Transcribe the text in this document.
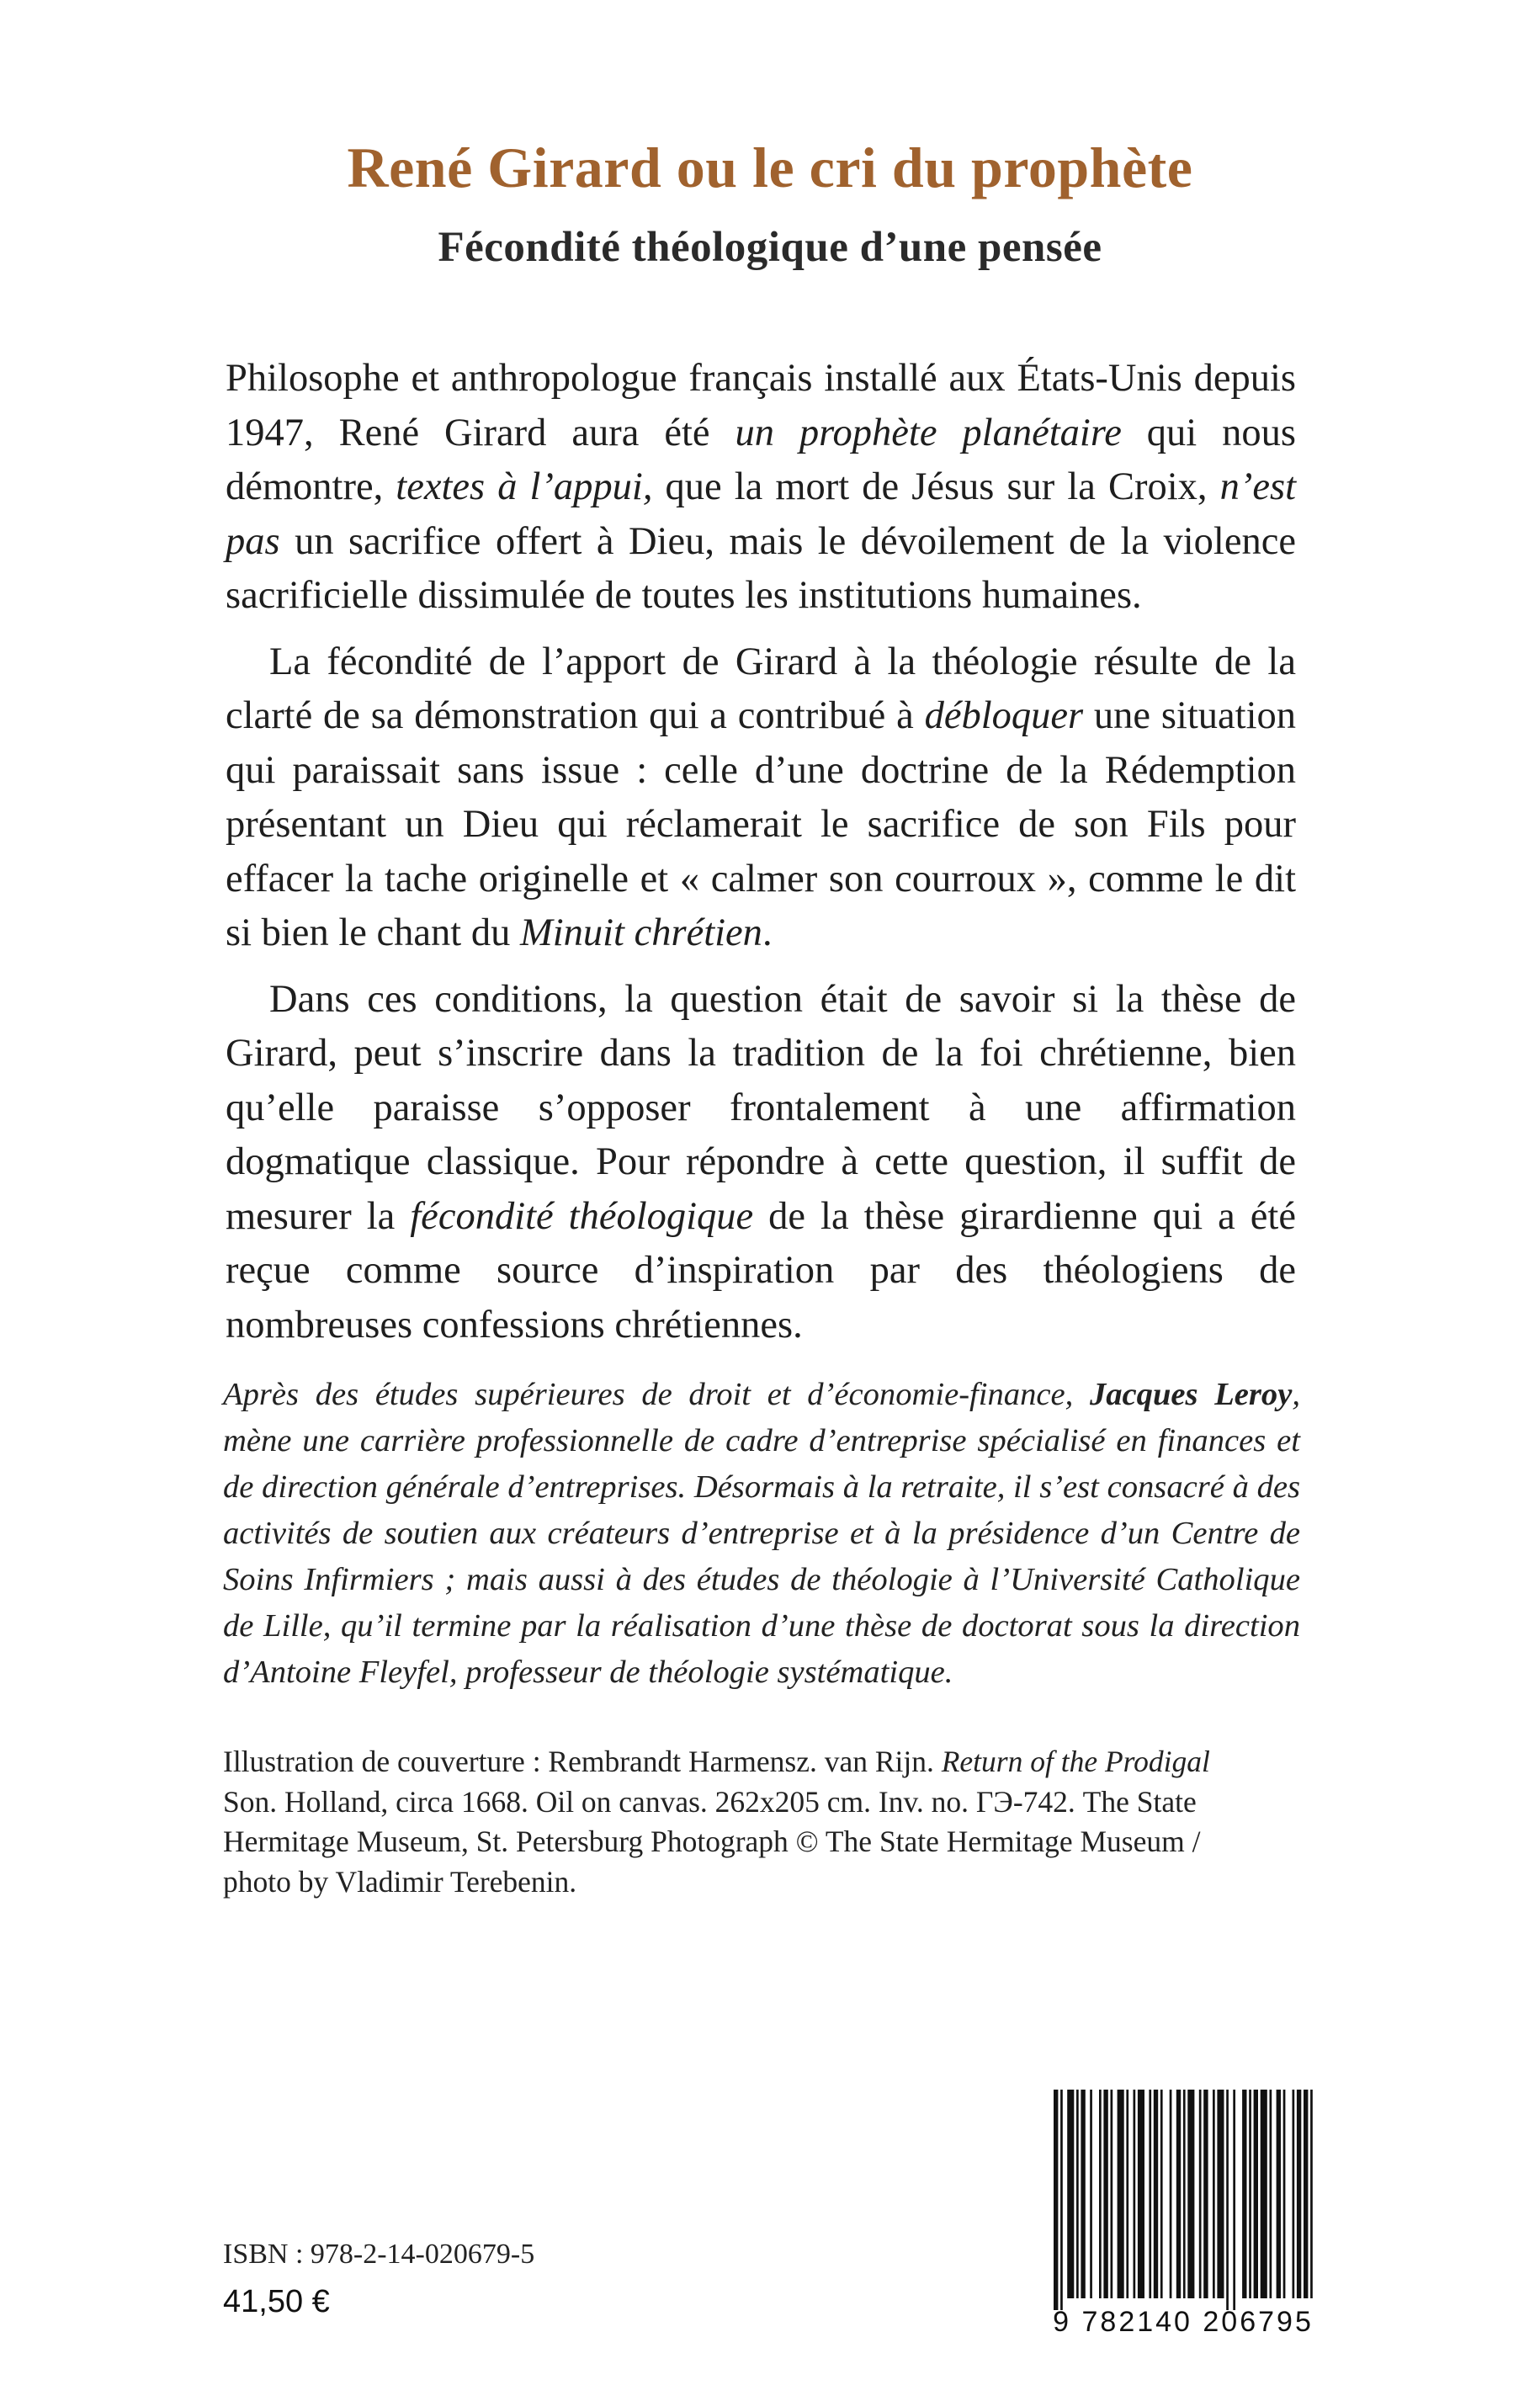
René Girard ou le cri du prophète
Fécondité théologique d’une pensée

Philosophe et anthropologue français installé aux États-Unis depuis 1947, René Girard aura été un prophète planétaire qui nous démontre, textes à l’appui, que la mort de Jésus sur la Croix, n’est pas un sacrifice offert à Dieu, mais le dévoilement de la violence sacrificielle dissimulée de toutes les institutions humaines.

La fécondité de l’apport de Girard à la théologie résulte de la clarté de sa démonstration qui a contribué à débloquer une situation qui paraissait sans issue : celle d’une doctrine de la Rédemption présentant un Dieu qui réclamerait le sacrifice de son Fils pour effacer la tache originelle et « calmer son courroux », comme le dit si bien le chant du Minuit chrétien.

Dans ces conditions, la question était de savoir si la thèse de Girard, peut s’inscrire dans la tradition de la foi chrétienne, bien qu’elle paraisse s’opposer frontalement à une affirmation dogmatique classique. Pour répondre à cette question, il suffit de mesurer la fécondité théologique de la thèse girardienne qui a été reçue comme source d’inspiration par des théologiens de nombreuses confessions chrétiennes.

Après des études supérieures de droit et d’économie-finance, Jacques Leroy, mène une carrière professionnelle de cadre d’entreprise spécialisé en finances et de direction générale d’entreprises. Désormais à la retraite, il s’est consacré à des activités de soutien aux créateurs d’entreprise et à la présidence d’un Centre de Soins Infirmiers ; mais aussi à des études de théologie à l’Université Catholique de Lille, qu’il termine par la réalisation d’une thèse de doctorat sous la direction d’Antoine Fleyfel, professeur de théologie systématique.

Illustration de couverture : Rembrandt Harmensz. van Rijn. Return of the Prodigal Son. Holland, circa 1668. Oil on canvas. 262x205 cm. Inv. no. ГЭ-742. The State Hermitage Museum, St. Petersburg Photograph © The State Hermitage Museum / photo by Vladimir Terebenin.

ISBN : 978-2-14-020679-5
41,50 €
9 782140 206795
